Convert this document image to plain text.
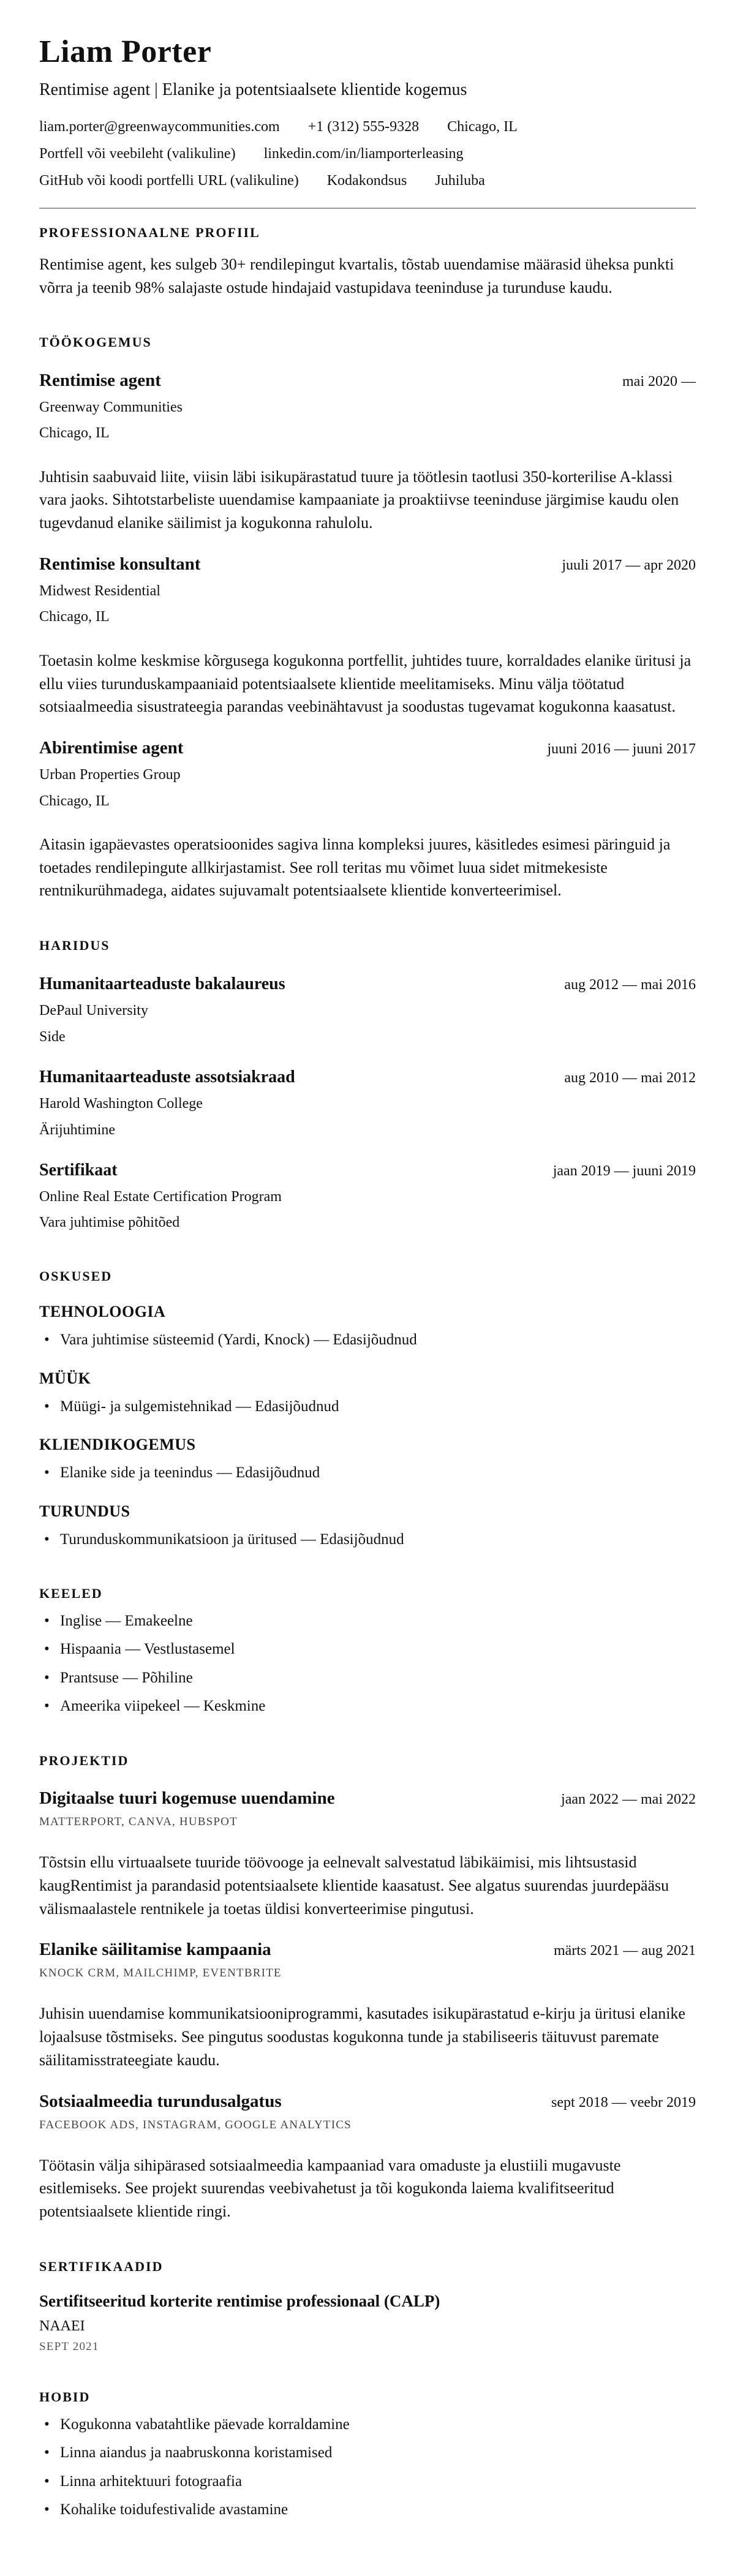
Liam Porter
Rentimise agent | Elanike ja potentsiaalsete klientide kogemus
liam.porter@greenwaycommunities.com +1 (312) 555-9328 Chicago, IL
Portfell või veebileht (valikuline) linkedin.com/in/liamporterleasing
GitHub või koodi portfelli URL (valikuline) Kodakondsus Juhiluba
PROFESSIONAALNE PROFIIL

Rentimise agent, kes sulgeb 30+ rendilepingut kvartalis, tõstab uuendamise määrasid üheksa punkti võrra ja teenib 98% salajaste ostude hindajaid vastupidava teeninduse ja turunduse kaudu.

TÖÖKOGEMUS
Rentimise agent	mai 2020 —
Greenway Communities
Chicago, IL

Juhtisin saabuvaid liite, viisin läbi isikupärastatud tuure ja töötlesin taotlusi 350-korterilise A-klassi vara jaoks. Sihtotstarbeliste uuendamise kampaaniate ja proaktiivse teeninduse järgimise kaudu olen tugevdanud elanike säilimist ja kogukonna rahulolu.

Rentimise konsultant	juuli 2017 — apr 2020
Midwest Residential
Chicago, IL

Toetasin kolme keskmise kõrgusega kogukonna portfellit, juhtides tuure, korraldades elanike üritusi ja ellu viies turunduskampaaniaid potentsiaalsete klientide meelitamiseks. Minu välja töötatud sotsiaalmeedia sisustrateegia parandas veebinähtavust ja soodustas tugevamat kogukonna kaasatust.

Abirentimise agent	juuni 2016 — juuni 2017
Urban Properties Group
Chicago, IL

Aitasin igapäevastes operatsioonides sagiva linna kompleksi juures, käsitledes esimesi päringuid ja toetades rendilepingute allkirjastamist. See roll teritas mu võimet luua sidet mitmekesiste rentnikurühmadega, aidates sujuvamalt potentsiaalsete klientide konverteerimisel.

HARIDUS
Humanitaarteaduste bakalaureus	aug 2012 — mai 2016
DePaul University
Side
Humanitaarteaduste assotsiakraad	aug 2010 — mai 2012
Harold Washington College
Ärijuhtimine
Sertifikaat	jaan 2019 — juuni 2019
Online Real Estate Certification Program
Vara juhtimise põhitõed
OSKUSED
TEHNOLOOGIA
• Vara juhtimise süsteemid (Yardi, Knock) — Edasijõudnud
MÜÜK
• Müügi- ja sulgemistehnikad — Edasijõudnud
KLIENDIKOGEMUS
• Elanike side ja teenindus — Edasijõudnud
TURUNDUS
• Turunduskommunikatsioon ja üritused — Edasijõudnud
KEELED
• Inglise — Emakeelne
• Hispaania — Vestlustasemel
• Prantsuse — Põhiline
• Ameerika viipekeel — Keskmine
PROJEKTID
Digitaalse tuuri kogemuse uuendamine	jaan 2022 — mai 2022
MATTERPORT, CANVA, HUBSPOT

Tõstsin ellu virtuaalsete tuuride töövooge ja eelnevalt salvestatud läbikäimisi, mis lihtsustasid kaugRentimist ja parandasid potentsiaalsete klientide kaasatust. See algatus suurendas juurdepääsu välismaalastele rentnikele ja toetas üldisi konverteerimise pingutusi.

Elanike säilitamise kampaania	märts 2021 — aug 2021
KNOCK CRM, MAILCHIMP, EVENTBRITE

Juhisin uuendamise kommunikatsiooniprogrammi, kasutades isikupärastatud e-kirju ja üritusi elanike lojaalsuse tõstmiseks. See pingutus soodustas kogukonna tunde ja stabiliseeris täituvust paremate säilitamisstrateegiate kaudu.

Sotsiaalmeedia turundusalgatus	sept 2018 — veebr 2019
FACEBOOK ADS, INSTAGRAM, GOOGLE ANALYTICS

Töötasin välja sihipärased sotsiaalmeedia kampaaniad vara omaduste ja elustiili mugavuste esitlemiseks. See projekt suurendas veebivahetust ja tõi kogukonda laiema kvalifitseeritud potentsiaalsete klientide ringi.

SERTIFIKAADID
Sertifitseeritud korterite rentimise professionaal (CALP)
NAAEI
SEPT 2021
HOBID
• Kogukonna vabatahtlike päevade korraldamine
• Linna aiandus ja naabruskonna koristamised
• Linna arhitektuuri fotograafia
• Kohalike toidufestivalide avastamine
